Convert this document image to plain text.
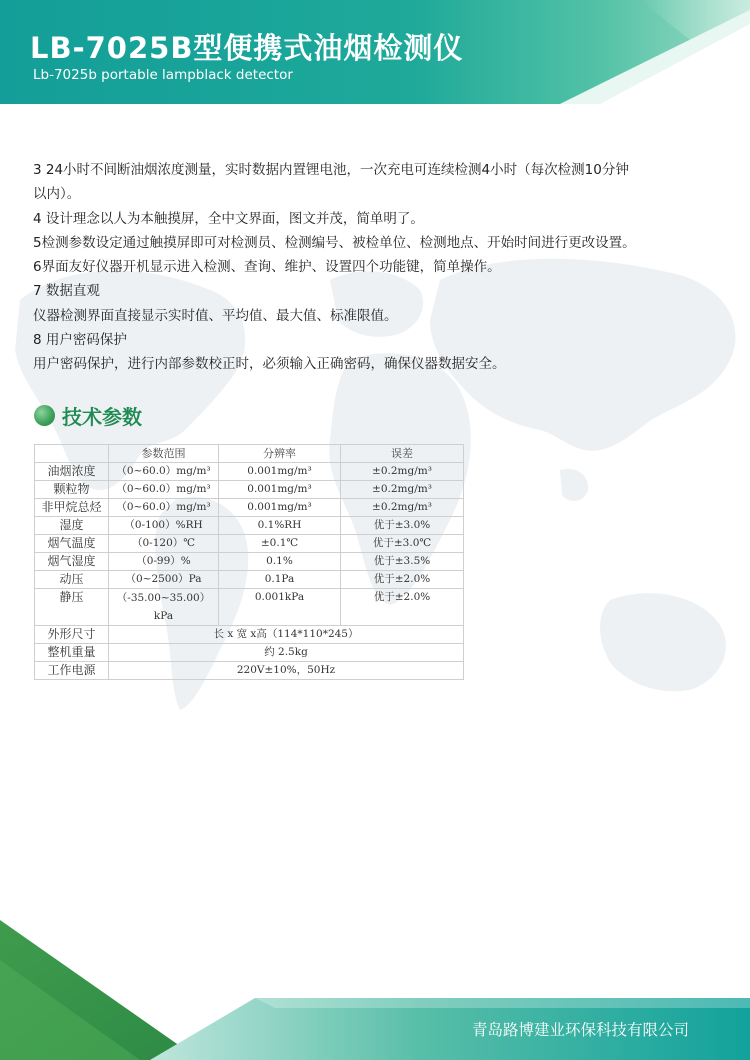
LB-7025B型便携式油烟检测仪
Lb-7025b portable lampblack detector
3 24小时不间断油烟浓度测量，实时数据内置锂电池，一次充电可连续检测4小时（每次检测10分钟
以内）。
4 设计理念以人为本触摸屏，全中文界面，图文并茂，简单明了。
5检测参数设定通过触摸屏即可对检测员、检测编号、被检单位、检测地点、开始时间进行更改设置。
6界面友好仪器开机显示进入检测、查询、维护、设置四个功能键，简单操作。
7 数据直观
仪器检测界面直接显示实时值、平均值、最大值、标准限值。
8 用户密码保护
用户密码保护，进行内部参数校正时，必须输入正确密码，确保仪器数据安全。
技术参数
	参数范围	分辨率	误差
油烟浓度	（0~60.0）mg/m³	0.001mg/m³	±0.2mg/m³
颗粒物	（0~60.0）mg/m³	0.001mg/m³	±0.2mg/m³
非甲烷总烃	（0~60.0）mg/m³	0.001mg/m³	±0.2mg/m³
湿度	（0-100）%RH	0.1%RH	优于±3.0%
烟气温度	（0-120）℃	±0.1℃	优于±3.0℃
烟气湿度	（0-99）%	0.1%	优于±3.5%
动压	（0~2500）Pa	0.1Pa	优于±2.0%
静压	（-35.00~35.00）kPa	0.001kPa	优于±2.0%
外形尺寸	长 x 宽 x高（114*110*245）		
整机重量	约 2.5kg		
工作电源	220V±10%，50Hz		
青岛路博建业环保科技有限公司
